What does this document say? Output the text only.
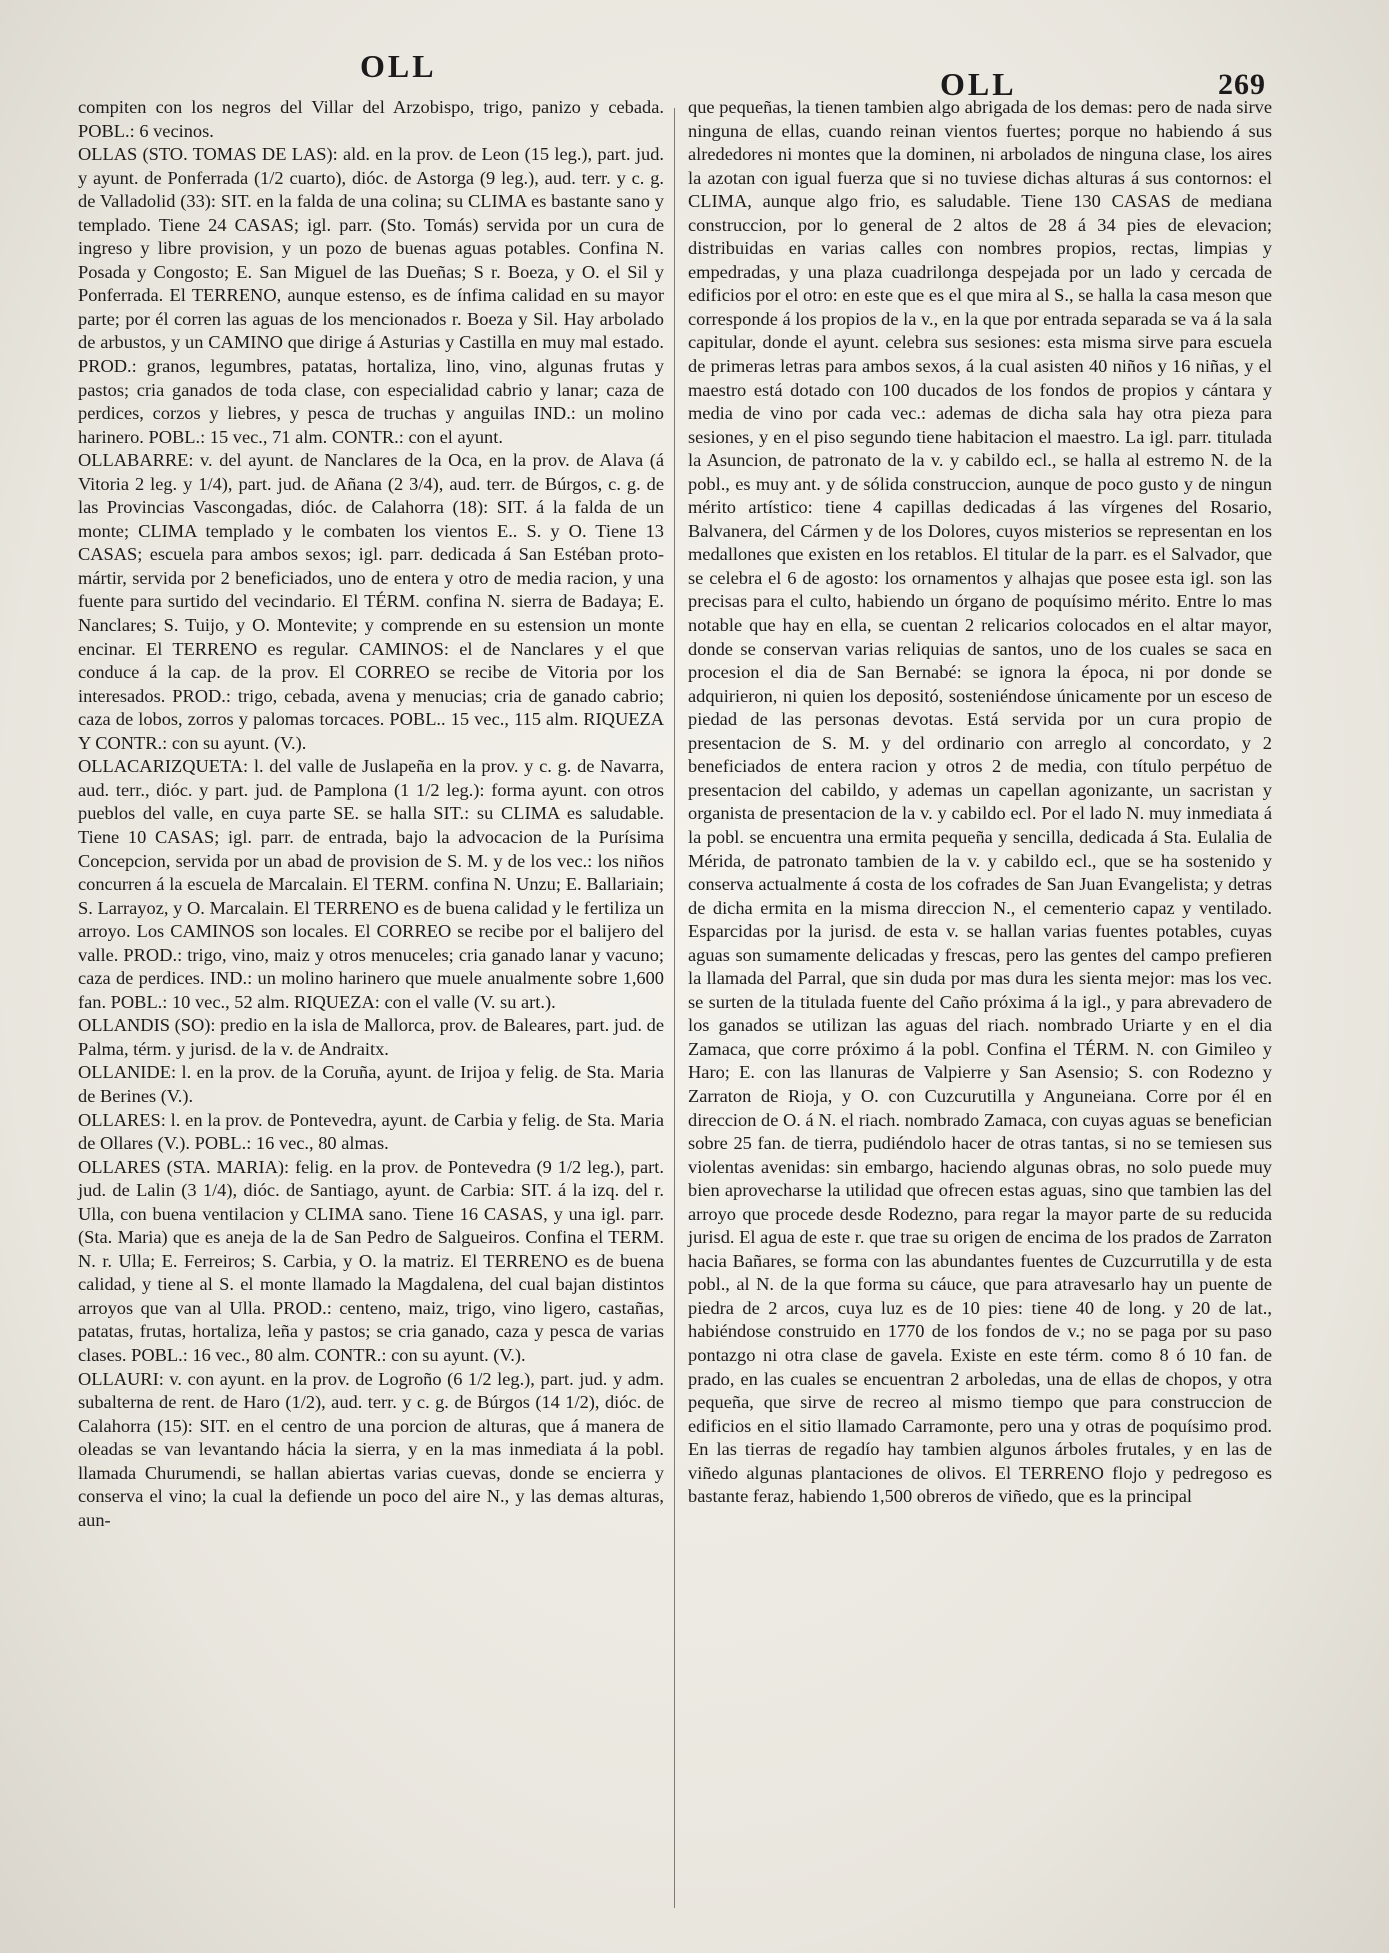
OLL	OLL	269

compiten con los negros del Villar del Arzobispo, trigo, panizo y cebada. POBL.: 6 vecinos.

OLLAS (STO. TOMAS DE LAS): ald. en la prov. de Leon (15 leg.), part. jud. y ayunt. de Ponferrada (1/2 cuarto), dióc. de Astorga (9 leg.), aud. terr. y c. g. de Valladolid (33): SIT. en la falda de una colina; su CLIMA es bastante sano y templado. Tiene 24 CASAS; igl. parr. (Sto. Tomás) servida por un cura de ingreso y libre provision, y un pozo de buenas aguas potables. Confina N. Posada y Congosto; E. San Miguel de las Dueñas; S r. Boeza, y O. el Sil y Ponferrada. El TERRENO, aunque estenso, es de ínfima calidad en su mayor parte; por él corren las aguas de los mencionados r. Boeza y Sil. Hay arbolado de arbustos, y un CAMINO que dirige á Asturias y Castilla en muy mal estado. PROD.: granos, legumbres, patatas, hortaliza, lino, vino, algunas frutas y pastos; cria ganados de toda clase, con especialidad cabrio y lanar; caza de perdices, corzos y liebres, y pesca de truchas y anguilas IND.: un molino harinero. POBL.: 15 vec., 71 alm. CONTR.: con el ayunt.

OLLABARRE: v. del ayunt. de Nanclares de la Oca, en la prov. de Alava (á Vitoria 2 leg. y 1/4), part. jud. de Añana (2 3/4), aud. terr. de Búrgos, c. g. de las Provincias Vascongadas, dióc. de Calahorra (18): SIT. á la falda de un monte; CLIMA templado y le combaten los vientos E.. S. y O. Tiene 13 CASAS; escuela para ambos sexos; igl. parr. dedicada á San Estéban proto-mártir, servida por 2 beneficiados, uno de entera y otro de media racion, y una fuente para surtido del vecindario. El TÉRM. confina N. sierra de Badaya; E. Nanclares; S. Tuijo, y O. Montevite; y comprende en su estension un monte encinar. El TERRENO es regular. CAMINOS: el de Nanclares y el que conduce á la cap. de la prov. El CORREO se recibe de Vitoria por los interesados. PROD.: trigo, cebada, avena y menucias; cria de ganado cabrio; caza de lobos, zorros y palomas torcaces. POBL.. 15 vec., 115 alm. RIQUEZA Y CONTR.: con su ayunt. (V.).

OLLACARIZQUETA: l. del valle de Juslapeña en la prov. y c. g. de Navarra, aud. terr., dióc. y part. jud. de Pamplona (1 1/2 leg.): forma ayunt. con otros pueblos del valle, en cuya parte SE. se halla SIT.: su CLIMA es saludable. Tiene 10 CASAS; igl. parr. de entrada, bajo la advocacion de la Purísima Concepcion, servida por un abad de provision de S. M. y de los vec.: los niños concurren á la escuela de Marcalain. El TERM. confina N. Unzu; E. Ballariain; S. Larrayoz, y O. Marcalain. El TERRENO es de buena calidad y le fertiliza un arroyo. Los CAMINOS son locales. El CORREO se recibe por el balijero del valle. PROD.: trigo, vino, maiz y otros menuceles; cria ganado lanar y vacuno; caza de perdices. IND.: un molino harinero que muele anualmente sobre 1,600 fan. POBL.: 10 vec., 52 alm. RIQUEZA: con el valle (V. su art.).

OLLANDIS (SO): predio en la isla de Mallorca, prov. de Baleares, part. jud. de Palma, térm. y jurisd. de la v. de Andraitx.

OLLANIDE: l. en la prov. de la Coruña, ayunt. de Irijoa y felig. de Sta. Maria de Berines (V.).

OLLARES: l. en la prov. de Pontevedra, ayunt. de Carbia y felig. de Sta. Maria de Ollares (V.). POBL.: 16 vec., 80 almas.

OLLARES (STA. MARIA): felig. en la prov. de Pontevedra (9 1/2 leg.), part. jud. de Lalin (3 1/4), dióc. de Santiago, ayunt. de Carbia: SIT. á la izq. del r. Ulla, con buena ventilacion y CLIMA sano. Tiene 16 CASAS, y una igl. parr. (Sta. Maria) que es aneja de la de San Pedro de Salgueiros. Confina el TERM. N. r. Ulla; E. Ferreiros; S. Carbia, y O. la matriz. El TERRENO es de buena calidad, y tiene al S. el monte llamado la Magdalena, del cual bajan distintos arroyos que van al Ulla. PROD.: centeno, maiz, trigo, vino ligero, castañas, patatas, frutas, hortaliza, leña y pastos; se cria ganado, caza y pesca de varias clases. POBL.: 16 vec., 80 alm. CONTR.: con su ayunt. (V.).

OLLAURI: v. con ayunt. en la prov. de Logroño (6 1/2 leg.), part. jud. y adm. subalterna de rent. de Haro (1/2), aud. terr. y c. g. de Búrgos (14 1/2), dióc. de Calahorra (15): SIT. en el centro de una porcion de alturas, que á manera de oleadas se van levantando hácia la sierra, y en la mas inmediata á la pobl. llamada Churumendi, se hallan abiertas varias cuevas, donde se encierra y conserva el vino; la cual la defiende un poco del aire N., y las demas alturas, aun-

que pequeñas, la tienen tambien algo abrigada de los demas: pero de nada sirve ninguna de ellas, cuando reinan vientos fuertes; porque no habiendo á sus alrededores ni montes que la dominen, ni arbolados de ninguna clase, los aires la azotan con igual fuerza que si no tuviese dichas alturas á sus contornos: el CLIMA, aunque algo frio, es saludable. Tiene 130 CASAS de mediana construccion, por lo general de 2 altos de 28 á 34 pies de elevacion; distribuidas en varias calles con nombres propios, rectas, limpias y empedradas, y una plaza cuadrilonga despejada por un lado y cercada de edificios por el otro: en este que es el que mira al S., se halla la casa meson que corresponde á los propios de la v., en la que por entrada separada se va á la sala capitular, donde el ayunt. celebra sus sesiones: esta misma sirve para escuela de primeras letras para ambos sexos, á la cual asisten 40 niños y 16 niñas, y el maestro está dotado con 100 ducados de los fondos de propios y cántara y media de vino por cada vec.: ademas de dicha sala hay otra pieza para sesiones, y en el piso segundo tiene habitacion el maestro. La igl. parr. titulada la Asuncion, de patronato de la v. y cabildo ecl., se halla al estremo N. de la pobl., es muy ant. y de sólida construccion, aunque de poco gusto y de ningun mérito artístico: tiene 4 capillas dedicadas á las vírgenes del Rosario, Balvanera, del Cármen y de los Dolores, cuyos misterios se representan en los medallones que existen en los retablos. El titular de la parr. es el Salvador, que se celebra el 6 de agosto: los ornamentos y alhajas que posee esta igl. son las precisas para el culto, habiendo un órgano de poquísimo mérito. Entre lo mas notable que hay en ella, se cuentan 2 relicarios colocados en el altar mayor, donde se conservan varias reliquias de santos, uno de los cuales se saca en procesion el dia de San Bernabé: se ignora la época, ni por donde se adquirieron, ni quien los depositó, sosteniéndose únicamente por un esceso de piedad de las personas devotas. Está servida por un cura propio de presentacion de S. M. y del ordinario con arreglo al concordato, y 2 beneficiados de entera racion y otros 2 de media, con título perpétuo de presentacion del cabildo, y ademas un capellan agonizante, un sacristan y organista de presentacion de la v. y cabildo ecl. Por el lado N. muy inmediata á la pobl. se encuentra una ermita pequeña y sencilla, dedicada á Sta. Eulalia de Mérida, de patronato tambien de la v. y cabildo ecl., que se ha sostenido y conserva actualmente á costa de los cofrades de San Juan Evangelista; y detras de dicha ermita en la misma direccion N., el cementerio capaz y ventilado. Esparcidas por la jurisd. de esta v. se hallan varias fuentes potables, cuyas aguas son sumamente delicadas y frescas, pero las gentes del campo prefieren la llamada del Parral, que sin duda por mas dura les sienta mejor: mas los vec. se surten de la titulada fuente del Caño próxima á la igl., y para abrevadero de los ganados se utilizan las aguas del riach. nombrado Uriarte y en el dia Zamaca, que corre próximo á la pobl. Confina el TÉRM. N. con Gimileo y Haro; E. con las llanuras de Valpierre y San Asensio; S. con Rodezno y Zarraton de Rioja, y O. con Cuzcurutilla y Anguneiana. Corre por él en direccion de O. á N. el riach. nombrado Zamaca, con cuyas aguas se benefician sobre 25 fan. de tierra, pudiéndolo hacer de otras tantas, si no se temiesen sus violentas avenidas: sin embargo, haciendo algunas obras, no solo puede muy bien aprovecharse la utilidad que ofrecen estas aguas, sino que tambien las del arroyo que procede desde Rodezno, para regar la mayor parte de su reducida jurisd. El agua de este r. que trae su origen de encima de los prados de Zarraton hacia Bañares, se forma con las abundantes fuentes de Cuzcurrutilla y de esta pobl., al N. de la que forma su cáuce, que para atravesarlo hay un puente de piedra de 2 arcos, cuya luz es de 10 pies: tiene 40 de long. y 20 de lat., habiéndose construido en 1770 de los fondos de v.; no se paga por su paso pontazgo ni otra clase de gavela. Existe en este térm. como 8 ó 10 fan. de prado, en las cuales se encuentran 2 arboledas, una de ellas de chopos, y otra pequeña, que sirve de recreo al mismo tiempo que para construccion de edificios en el sitio llamado Carramonte, pero una y otras de poquísimo prod. En las tierras de regadío hay tambien algunos árboles frutales, y en las de viñedo algunas plantaciones de olivos. El TERRENO flojo y pedregoso es bastante feraz, habiendo 1,500 obreros de viñedo, que es la principal
